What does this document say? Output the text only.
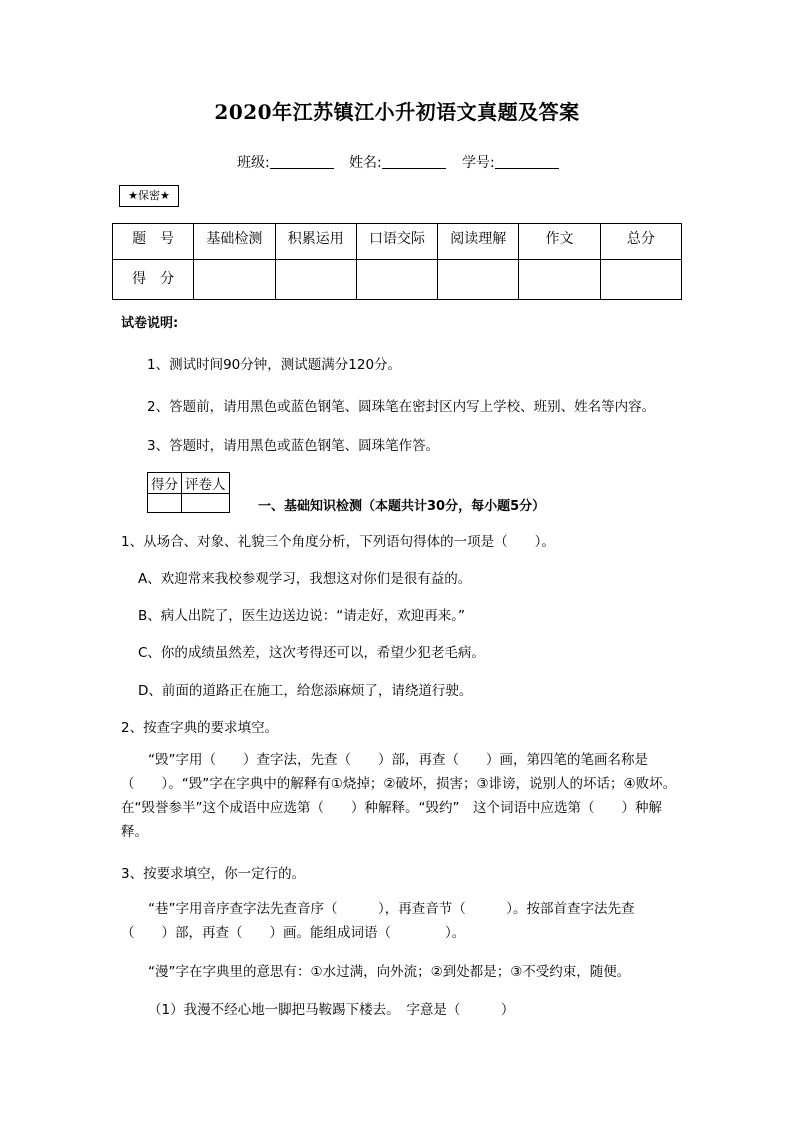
2020年江苏镇江小升初语文真题及答案
班级:	姓名:	学号:
★保密★
题　号	基础检测	积累运用	口语交际	阅读理解	作文	总分
得　分						
试卷说明:
1、测试时间90分钟，测试题满分120分。
2、答题前，请用黑色或蓝色钢笔、圆珠笔在密封区内写上学校、班别、姓名等内容。
3、答题时，请用黑色或蓝色钢笔、圆珠笔作答。
得分	评卷人

一、基础知识检测（本题共计30分，每小题5分）
1、从场合、对象、礼貌三个角度分析，下列语句得体的一项是（　　）。
A、欢迎常来我校参观学习，我想这对你们是很有益的。
B、病人出院了，医生边送边说：“请走好，欢迎再来。”
C、你的成绩虽然差，这次考得还可以，希望少犯老毛病。
D、前面的道路正在施工，给您添麻烦了，请绕道行驶。
2、按查字典的要求填空。
“毁”字用（　　）查字法，先查（　　）部，再查（　　）画，第四笔的笔画名称是（　　）。“毁”字在字典中的解释有①烧掉；②破坏，损害；③诽谤，说别人的坏话；④败坏。在“毁誉参半”这个成语中应选第（　　）种解释。“毁约”　这个词语中应选第（　　）种解释。
3、按要求填空，你一定行的。
“巷”字用音序查字法先查音序（　　　），再查音节（　　　）。按部首查字法先查（　　）部，再查（　　）画。能组成词语（　　　　）。
“漫”字在字典里的意思有：①水过满，向外流；②到处都是；③不受约束，随便。
（1）我漫不经心地一脚把马鞍踢下楼去。　字意是（　　　）
